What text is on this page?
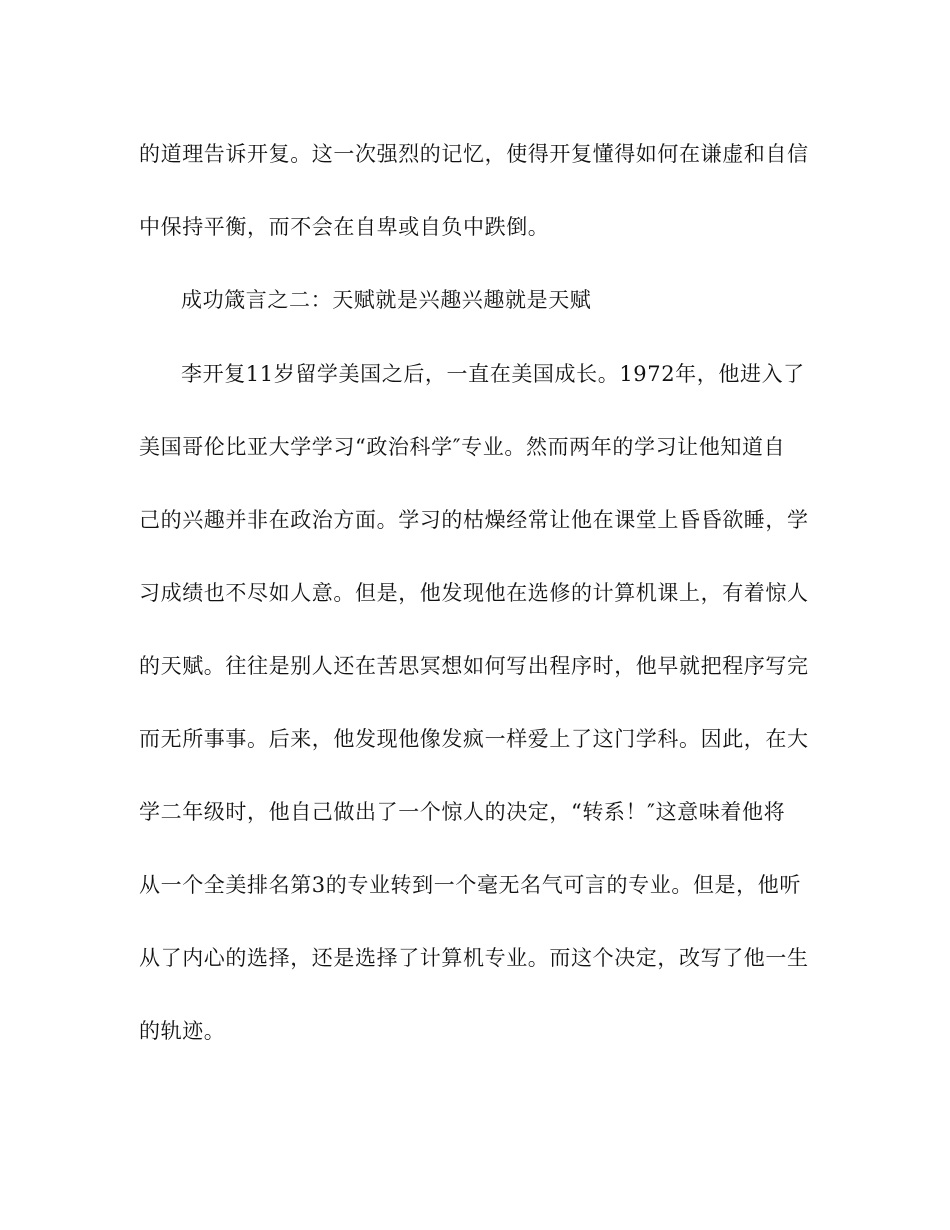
的道理告诉开复。这一次强烈的记忆，使得开复懂得如何在谦虚和自信
中保持平衡，而不会在自卑或自负中跌倒。
成功箴言之二：天赋就是兴趣兴趣就是天赋
李开复11岁留学美国之后，一直在美国成长。1972年，他进入了
美国哥伦比亚大学学习“政治科学″专业。然而两年的学习让他知道自
己的兴趣并非在政治方面。学习的枯燥经常让他在课堂上昏昏欲睡，学
习成绩也不尽如人意。但是，他发现他在选修的计算机课上，有着惊人
的天赋。往往是别人还在苦思冥想如何写出程序时，他早就把程序写完
而无所事事。后来，他发现他像发疯一样爱上了这门学科。因此，在大
学二年级时，他自己做出了一个惊人的决定，“转系！″这意味着他将
从一个全美排名第3的专业转到一个毫无名气可言的专业。但是，他听
从了内心的选择，还是选择了计算机专业。而这个决定，改写了他一生
的轨迹。
